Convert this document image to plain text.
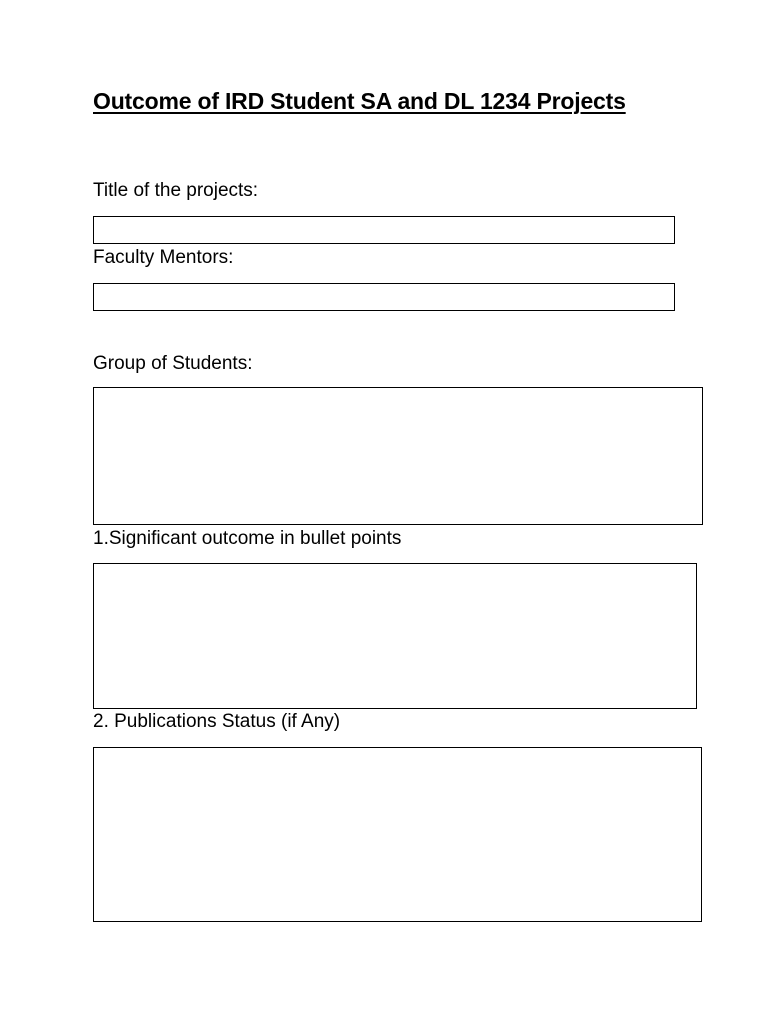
Outcome of IRD Student SA and DL 1234 Projects

Title of the projects:

Faculty Mentors:

Group of Students:

1.Significant outcome in bullet points

2. Publications Status (if Any)
